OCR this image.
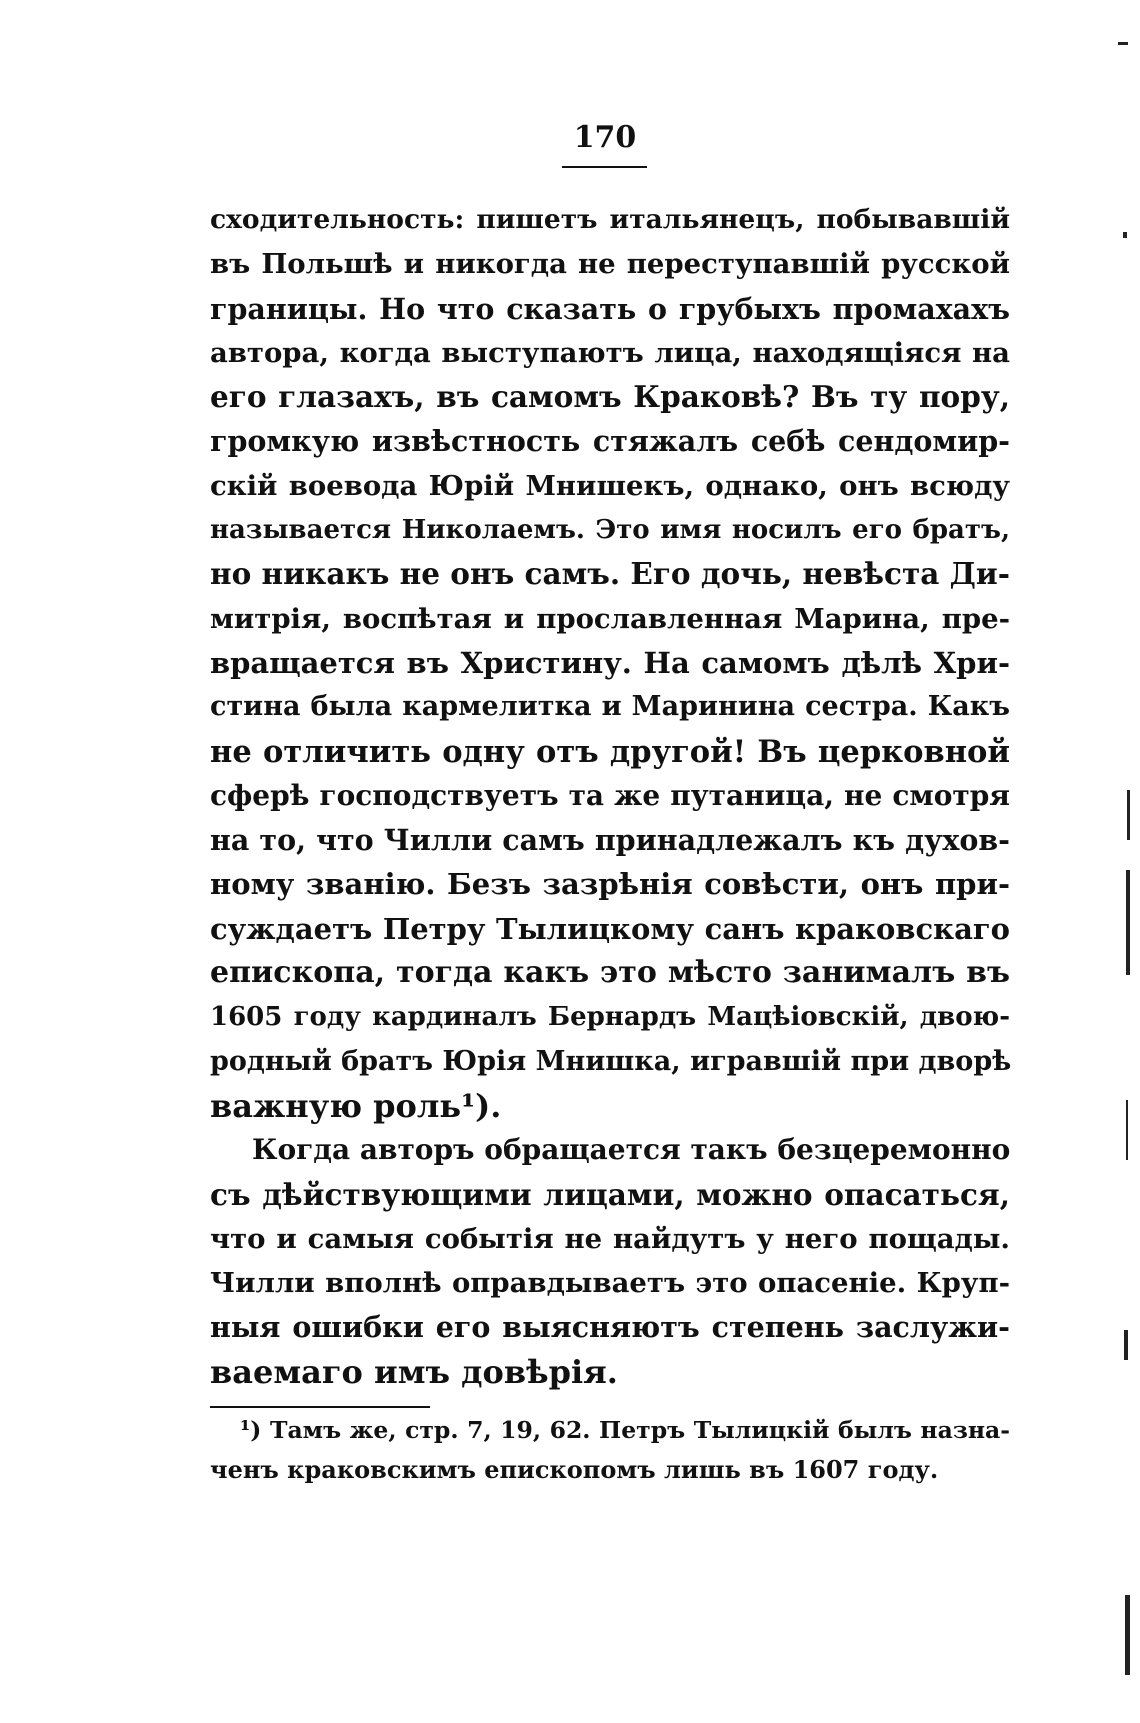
170
сходительность: пишетъ итальянецъ, побывавшій
въ Польшѣ и никогда не переступавшій русской
границы. Но что сказать о грубыхъ промахахъ
автора, когда выступаютъ лица, находящіяся на
его глазахъ, въ самомъ Краковѣ? Въ ту пору,
громкую извѣстность стяжалъ себѣ сендомир-
скій воевода Юрій Мнишекъ, однако, онъ всюду
называется Николаемъ. Это имя носилъ его братъ,
но никакъ не онъ самъ. Его дочь, невѣста Ди-
митрія, воспѣтая и прославленная Марина, пре-
вращается въ Христину. На самомъ дѣлѣ Хри-
стина была кармелитка и Маринина сестра. Какъ
не отличить одну отъ другой! Въ церковной
сферѣ господствуетъ та же путаница, не смотря
на то, что Чилли самъ принадлежалъ къ духов-
ному званію. Безъ зазрѣнія совѣсти, онъ при-
суждаетъ Петру Тылицкому санъ краковскаго
епископа, тогда какъ это мѣсто занималъ въ
1605 году кардиналъ Бернардъ Мацѣіовскій, двою-
родный братъ Юрія Мнишка, игравшій при дворѣ
важную роль¹).
Когда авторъ обращается такъ безцеремонно
съ дѣйствующими лицами, можно опасаться,
что и самыя событія не найдутъ у него пощады.
Чилли вполнѣ оправдываетъ это опасеніе. Круп-
ныя ошибки его выясняютъ степень заслужи-
ваемаго имъ довѣрія.
¹) Тамъ же, стр. 7, 19, 62. Петръ Тылицкій былъ назна-
ченъ краковскимъ епископомъ лишь въ 1607 году.
